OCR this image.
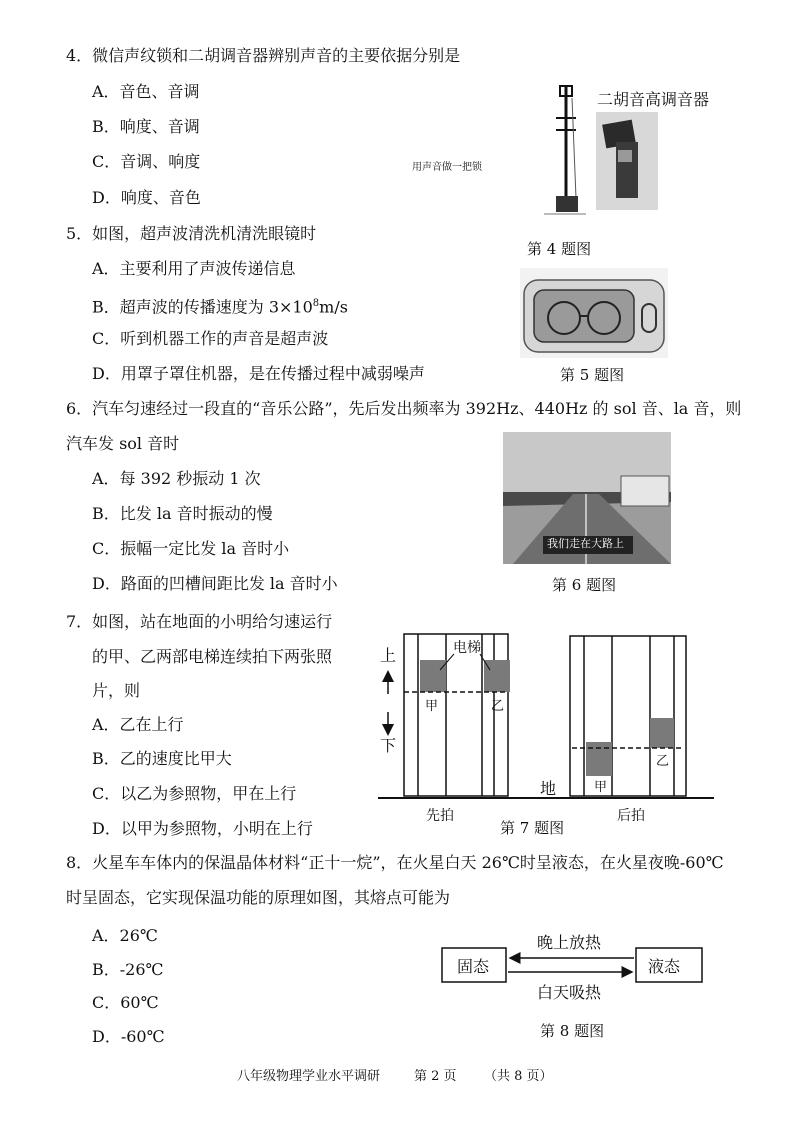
4．微信声纹锁和二胡调音器辨别声音的主要依据分别是
A．音色、音调
B．响度、音调
C．音调、响度
D．响度、音色
用声音做一把锁
二胡音高调音器
第 4 题图
5．如图，超声波清洗机清洗眼镜时
A．主要利用了声波传递信息
B．超声波的传播速度为 $3\times 10^8m/s$
C．听到机器工作的声音是超声波
D．用罩子罩住机器，是在传播过程中减弱噪声	第 5 题图
6．汽车匀速经过一段直的“音乐公路”，先后发出频率为 392Hz、440Hz 的 sol 音、la 音，则
汽车发 sol 音时
A．每 392 秒振动 1 次
B．比发 la 音时振动的慢
C．振幅一定比发 la 音时小
D．路面的凹槽间距比发 la 音时小
我们走在大路上
第 6 题图
7．如图，站在地面的小明给匀速运行
的甲、乙两部电梯连续拍下两张照
片，则
A．乙在上行
B．乙的速度比甲大
C．以乙为参照物，甲在上行
D．以甲为参照物，小明在上行
上
下
电梯
甲	乙
甲
乙
地
先拍	后拍
第 7 题图
8．火星车车体内的保温晶体材料“正十一烷”，在火星白天 26℃时呈液态，在火星夜晚-60℃
时呈固态，它实现保温功能的原理如图，其熔点可能为
A．26℃
B．-26℃
C．60℃
D．-60℃
固态	液态
晚上放热
白天吸热
第 8 题图
八年级物理学业水平调研	第 2 页 （共 8 页）
